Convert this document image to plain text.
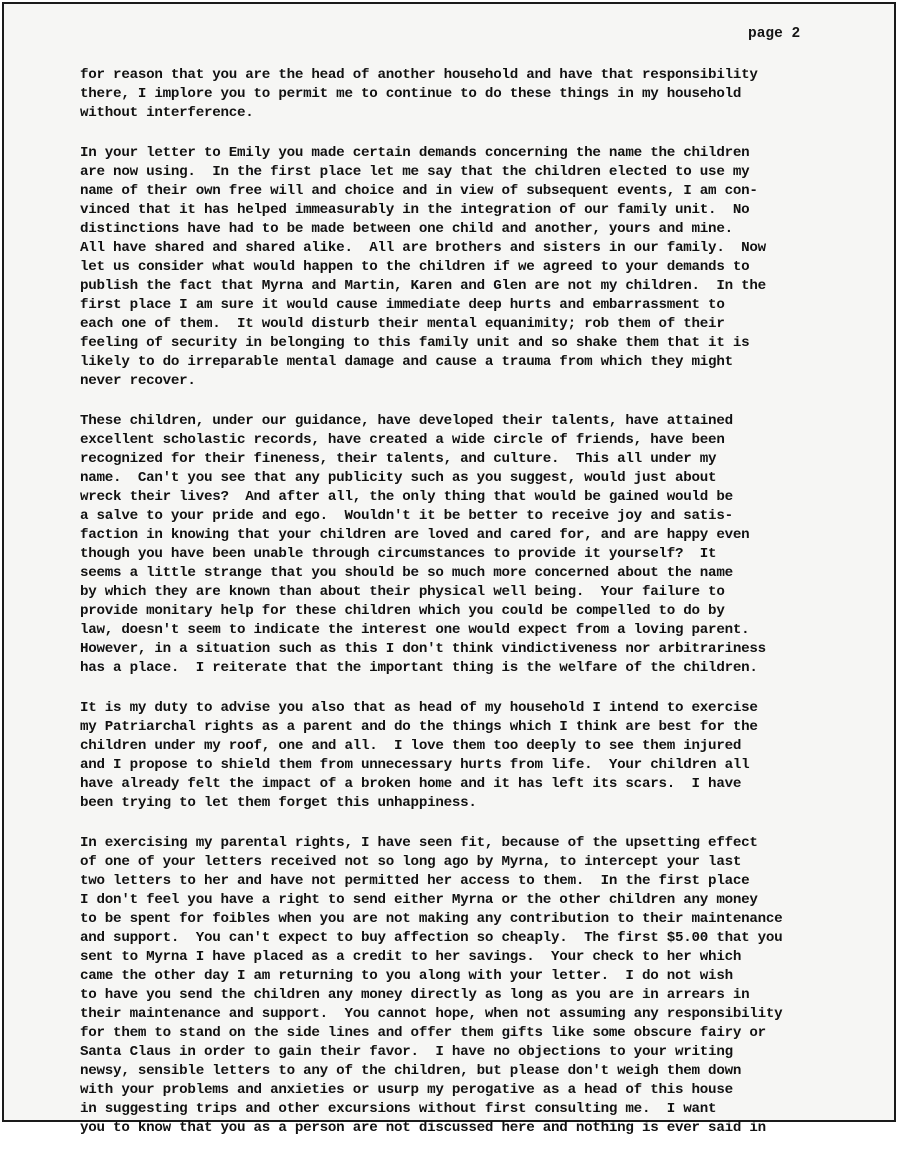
page 2
for reason that you are the head of another household and have that responsibility
there, I implore you to permit me to continue to do these things in my household
without interference.
In your letter to Emily you made certain demands concerning the name the children
are now using.  In the first place let me say that the children elected to use my
name of their own free will and choice and in view of subsequent events, I am con-
vinced that it has helped immeasurably in the integration of our family unit.  No
distinctions have had to be made between one child and another, yours and mine.
All have shared and shared alike.  All are brothers and sisters in our family.  Now
let us consider what would happen to the children if we agreed to your demands to
publish the fact that Myrna and Martin, Karen and Glen are not my children.  In the
first place I am sure it would cause immediate deep hurts and embarrassment to
each one of them.  It would disturb their mental equanimity; rob them of their
feeling of security in belonging to this family unit and so shake them that it is
likely to do irreparable mental damage and cause a trauma from which they might
never recover.
These children, under our guidance, have developed their talents, have attained
excellent scholastic records, have created a wide circle of friends, have been
recognized for their fineness, their talents, and culture.  This all under my
name.  Can't you see that any publicity such as you suggest, would just about
wreck their lives?  And after all, the only thing that would be gained would be
a salve to your pride and ego.  Wouldn't it be better to receive joy and satis-
faction in knowing that your children are loved and cared for, and are happy even
though you have been unable through circumstances to provide it yourself?  It
seems a little strange that you should be so much more concerned about the name
by which they are known than about their physical well being.  Your failure to
provide monitary help for these children which you could be compelled to do by
law, doesn't seem to indicate the interest one would expect from a loving parent.
However, in a situation such as this I don't think vindictiveness nor arbitrariness
has a place.  I reiterate that the important thing is the welfare of the children.
It is my duty to advise you also that as head of my household I intend to exercise
my Patriarchal rights as a parent and do the things which I think are best for the
children under my roof, one and all.  I love them too deeply to see them injured
and I propose to shield them from unnecessary hurts from life.  Your children all
have already felt the impact of a broken home and it has left its scars.  I have
been trying to let them forget this unhappiness.
In exercising my parental rights, I have seen fit, because of the upsetting effect
of one of your letters received not so long ago by Myrna, to intercept your last
two letters to her and have not permitted her access to them.  In the first place
I don't feel you have a right to send either Myrna or the other children any money
to be spent for foibles when you are not making any contribution to their maintenance
and support.  You can't expect to buy affection so cheaply.  The first $5.00 that you
sent to Myrna I have placed as a credit to her savings.  Your check to her which
came the other day I am returning to you along with your letter.  I do not wish
to have you send the children any money directly as long as you are in arrears in
their maintenance and support.  You cannot hope, when not assuming any responsibility
for them to stand on the side lines and offer them gifts like some obscure fairy or
Santa Claus in order to gain their favor.  I have no objections to your writing
newsy, sensible letters to any of the children, but please don't weigh them down
with your problems and anxieties or usurp my perogative as a head of this house
in suggesting trips and other excursions without first consulting me.  I want
you to know that you as a person are not discussed here and nothing is ever said in
